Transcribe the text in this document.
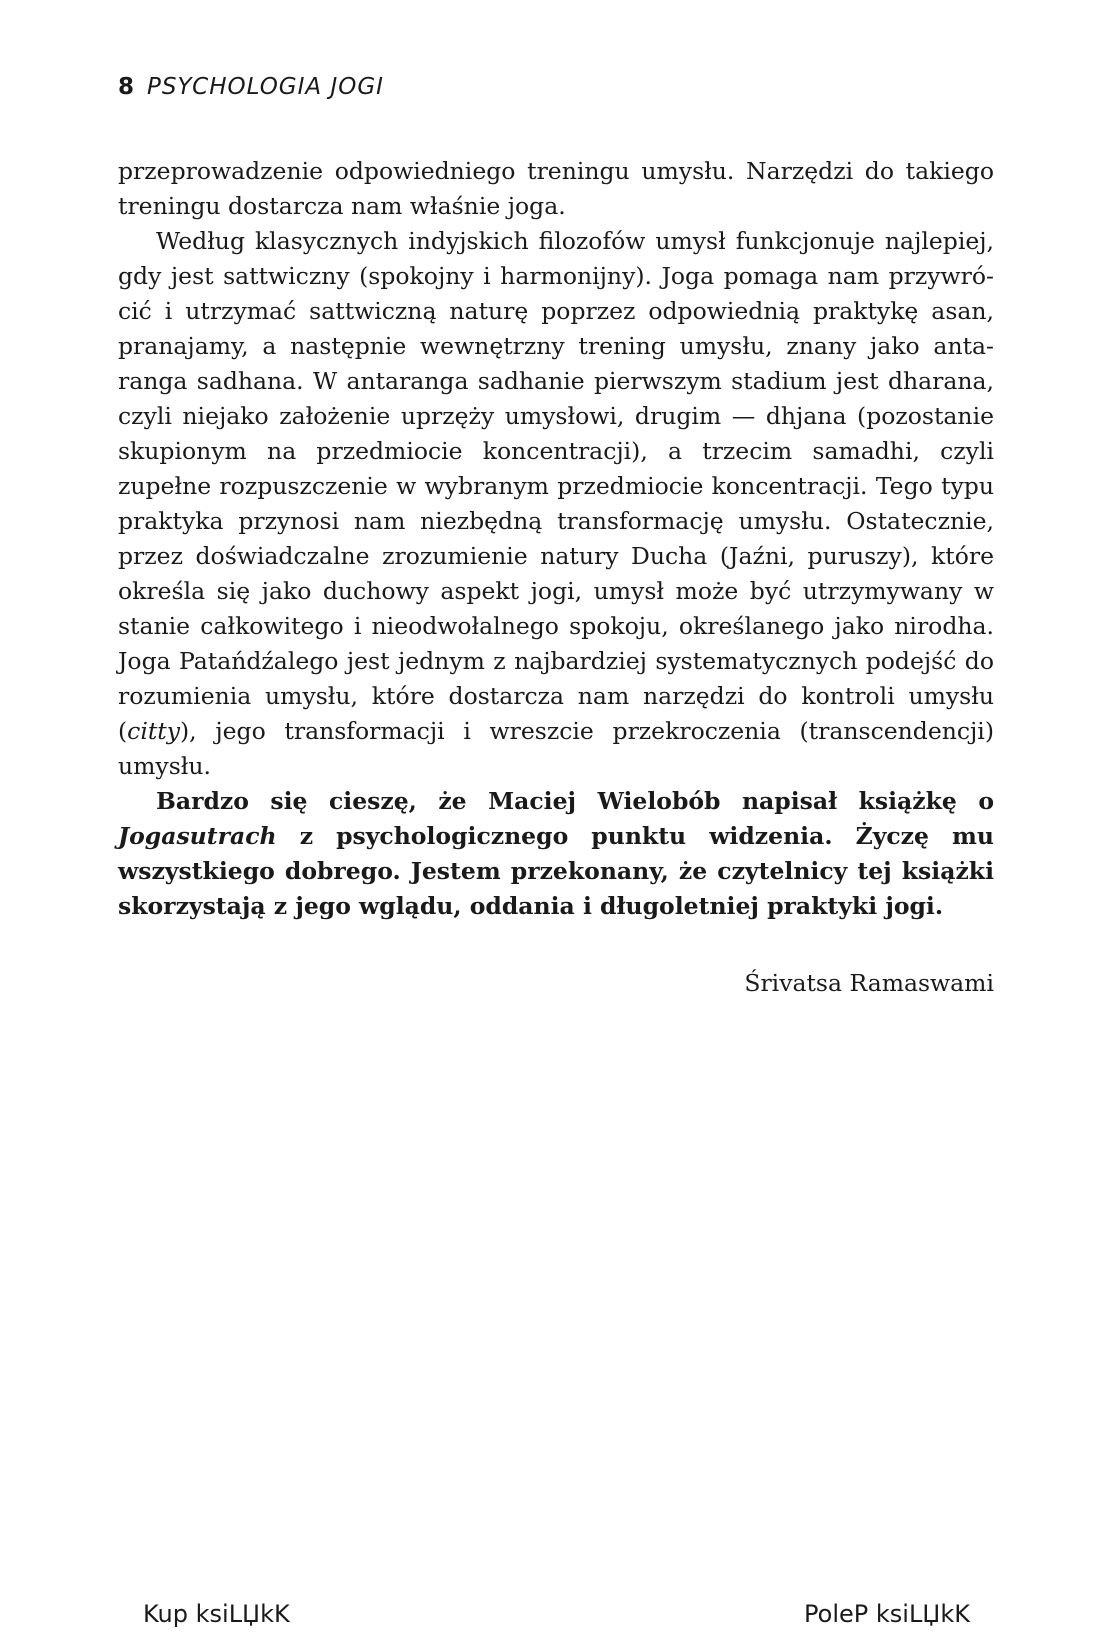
8 PSYCHOLOGIA JOGI

przeprowadzenie odpowiedniego treningu umysłu. Narzędzi do takiego treningu dostarcza nam właśnie joga.

Według klasycznych indyjskich filozofów umysł funkcjonuje najlepiej, gdy jest sattwiczny (spokojny i harmonijny). Joga pomaga nam przywrócić i utrzymać sattwiczną naturę poprzez odpowiednią praktykę asan, pranajamy, a następnie wewnętrzny trening umysłu, znany jako antaranga sadhana. W antaranga sadhanie pierwszym stadium jest dharana, czyli niejako założenie uprzęży umysłowi, drugim — dhjana (pozostanie skupionym na przedmiocie koncentracji), a trzecim samadhi, czyli zupełne rozpuszczenie w wybranym przedmiocie koncentracji. Tego typu praktyka przynosi nam niezbędną transformację umysłu. Ostatecznie, przez doświadczalne zrozumienie natury Ducha (Jaźni, puruszy), które określa się jako duchowy aspekt jogi, umysł może być utrzymywany w stanie całkowitego i nieodwołalnego spokoju, określanego jako nirodha. Joga Patańdźalego jest jednym z najbardziej systematycznych podejść do rozumienia umysłu, które dostarcza nam narzędzi do kontroli umysłu (citty), jego transformacji i wreszcie przekroczenia (transcendencji) umysłu.

Bardzo się cieszę, że Maciej Wielobób napisał książkę o Jogasutrach z psychologicznego punktu widzenia. Życzę mu wszystkiego dobrego. Jestem przekonany, że czytelnicy tej książki skorzystają z jego wglądu, oddania i długoletniej praktyki jogi.

Śrivatsa Ramaswami
Kup ksiLЏkK	PoleP ksiLЏkK
